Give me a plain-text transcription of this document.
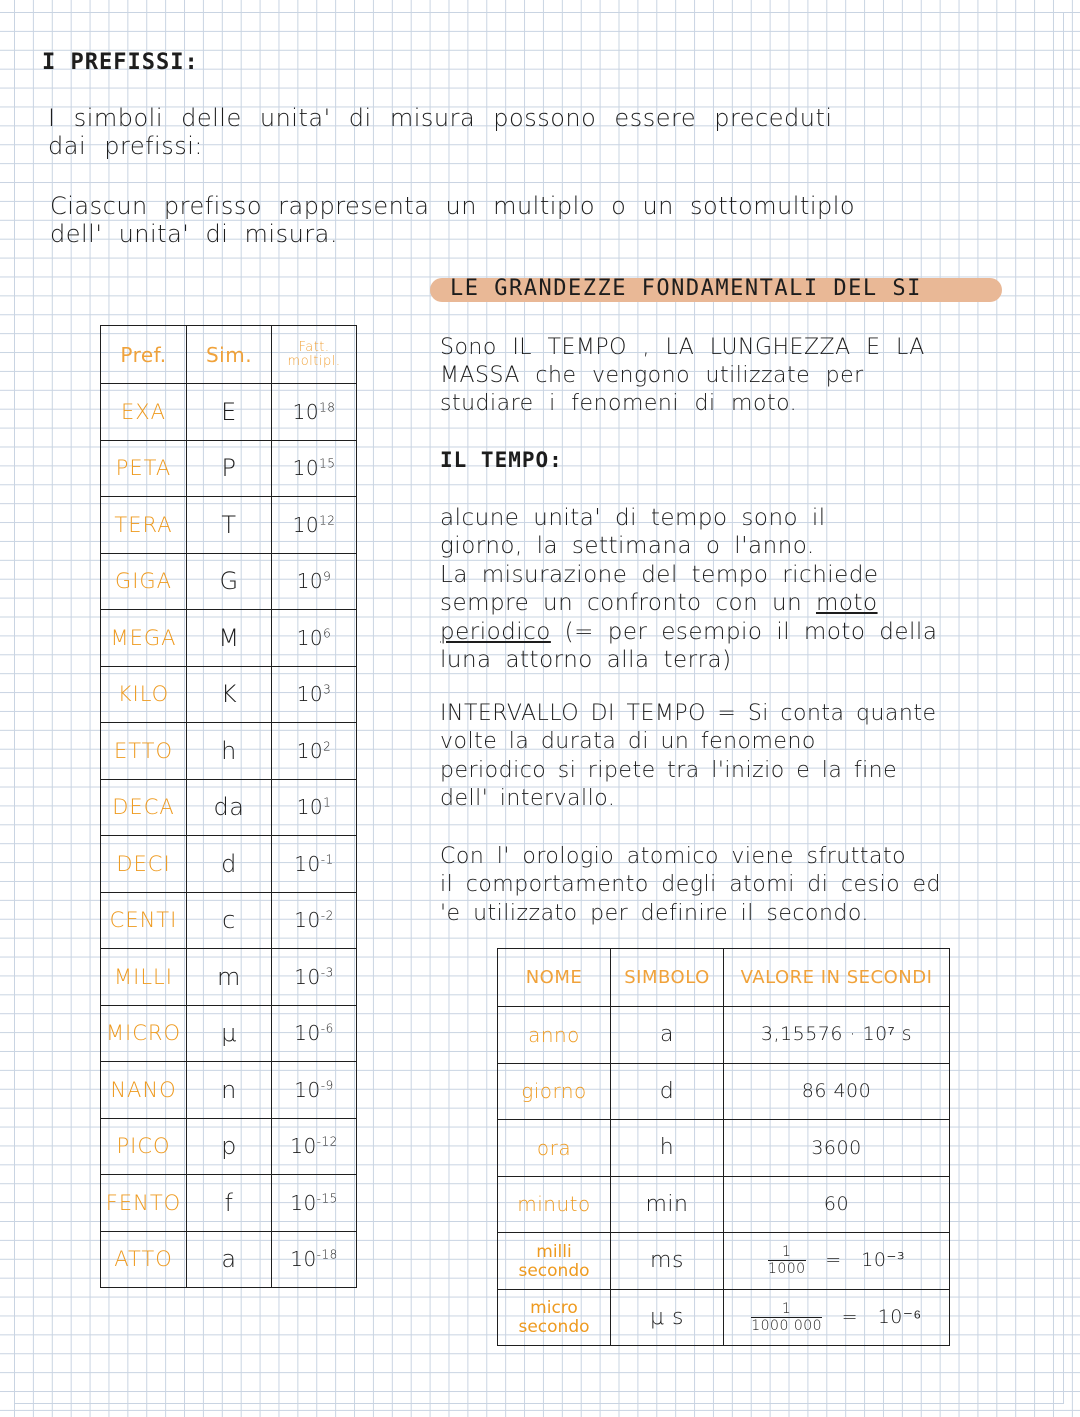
I PREFISSI:
I simboli delle unita' di misura possono essere preceduti
dai prefissi:
Ciascun prefisso rappresenta un multiplo o un sottomultiplo
dell' unita' di misura.
Pref.	Sim.	Fatt. moltipl.

EXA	E	$10^{18}$
PETA	P	$10^{15}$
TERA	T	$10^{12}$
GIGA	G	$10^9$
MEGA	M	$10^6$
KILO	K	$10^3$
ETTO	h	$10^2$
DECA	da	$10^1$
DECI	d	$10^{-1}$
CENTI	c	$10^{-2}$
MILLI	m	$10^{-3}$
MICRO	μ	$10^{-6}$
NANO	n	$10^{-9}$
PICO	p	$10^{-12}$
FENTO	f	$10^{-15}$
ATTO	a	$10^{-18}$
LE GRANDEZZE FONDAMENTALI DEL SI
Sono IL TEMPO , LA LUNGHEZZA E LA
MASSA che vengono utilizzate per
studiare i fenomeni di moto.
IL TEMPO:
alcune unita' di tempo sono il
giorno, la settimana o l'anno.
La misurazione del tempo richiede
sempre un confronto con un moto
periodico (= per esempio il moto della
luna attorno alla terra)
INTERVALLO DI TEMPO = Si conta quante
volte la durata di un fenomeno
periodico si ripete tra l'inizio e la fine
dell' intervallo.
Con l' orologio atomico viene sfruttato
il comportamento degli atomi di cesio ed
'e utilizzato per definire il secondo.
NOME	SIMBOLO	VALORE IN SECONDI
anno	a	3,15576 · 10⁷ s
giorno	d	86 400
ora	h	3600
minuto	min	60
milli
secondo	ms	$\frac{1}{1000} = 10^{-3}$
micro
secondo	μ s	$\frac{1}{1000 000} = 10^{-6}$
